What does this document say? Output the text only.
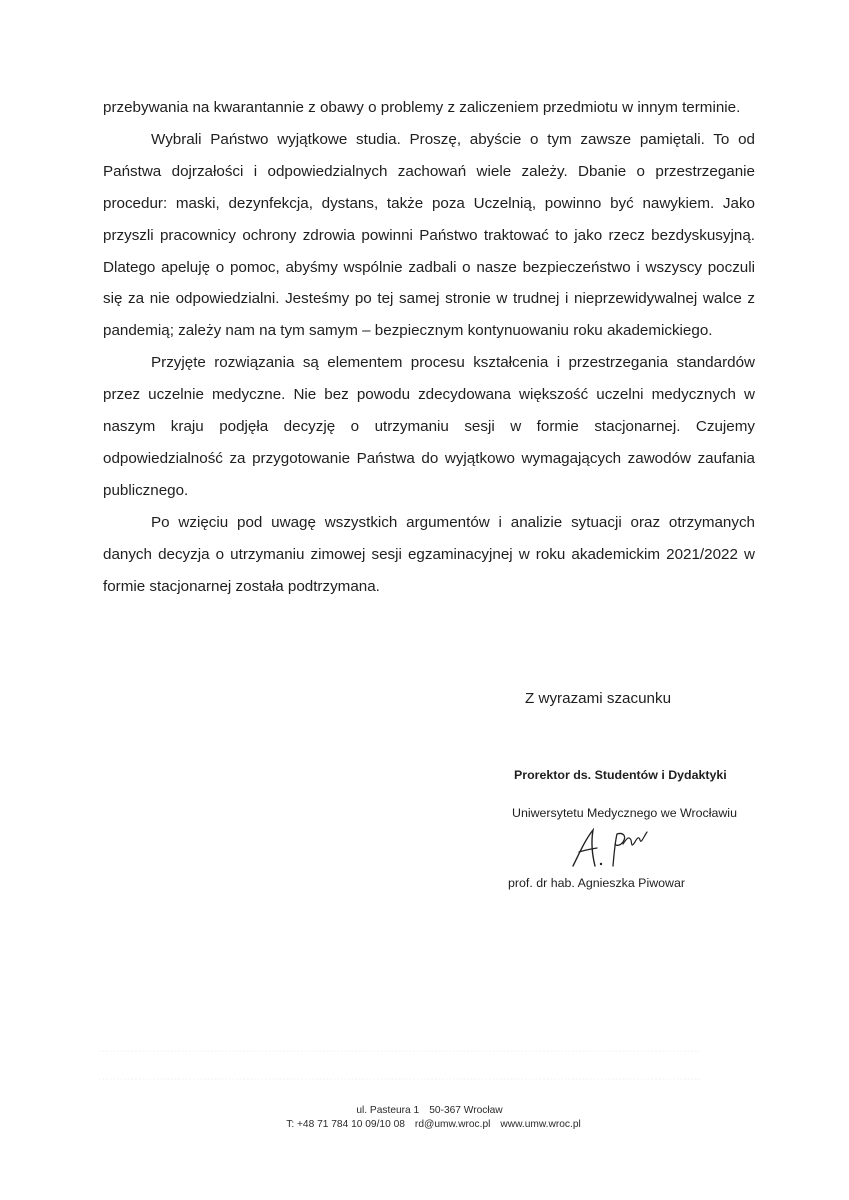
przebywania na kwarantannie z obawy o problemy z zaliczeniem przedmiotu w innym terminie.

Wybrali Państwo wyjątkowe studia. Proszę, abyście o tym zawsze pamiętali. To od Państwa dojrzałości i odpowiedzialnych zachowań wiele zależy. Dbanie o przestrzeganie procedur: maski, dezynfekcja, dystans, także poza Uczelnią, powinno być nawykiem. Jako przyszli pracownicy ochrony zdrowia powinni Państwo traktować to jako rzecz bezdyskusyjną. Dlatego apeluję o pomoc, abyśmy wspólnie zadbali o nasze bezpieczeństwo i wszyscy poczuli się za nie odpowiedzialni. Jesteśmy po tej samej stronie w trudnej i nieprzewidywalnej walce z pandemią; zależy nam na tym samym – bezpiecznym kontynuowaniu roku akademickiego.

Przyjęte rozwiązania są elementem procesu kształcenia i przestrzegania standardów przez uczelnie medyczne. Nie bez powodu zdecydowana większość uczelni medycznych w naszym kraju podjęła decyzję o utrzymaniu sesji w formie stacjonarnej. Czujemy odpowiedzialność za przygotowanie Państwa do wyjątkowo wymagających zawodów zaufania publicznego.

Po wzięciu pod uwagę wszystkich argumentów i analizie sytuacji oraz otrzymanych danych decyzja o utrzymaniu zimowej sesji egzaminacyjnej w roku akademickim 2021/2022 w formie stacjonarnej została podtrzymana.

Z wyrazami szacunku

Prorektor ds. Studentów i Dydaktyki

Uniwersytetu Medycznego we Wrocławiu

prof. dr hab. Agnieszka Piwowar

.......................................................................................................................................................................

.......................................................................................................................................................................

ul. Pasteura 1 50-367 Wrocław
T: +48 71 784 10 09/10 08 rd@umw.wroc.pl www.umw.wroc.pl
